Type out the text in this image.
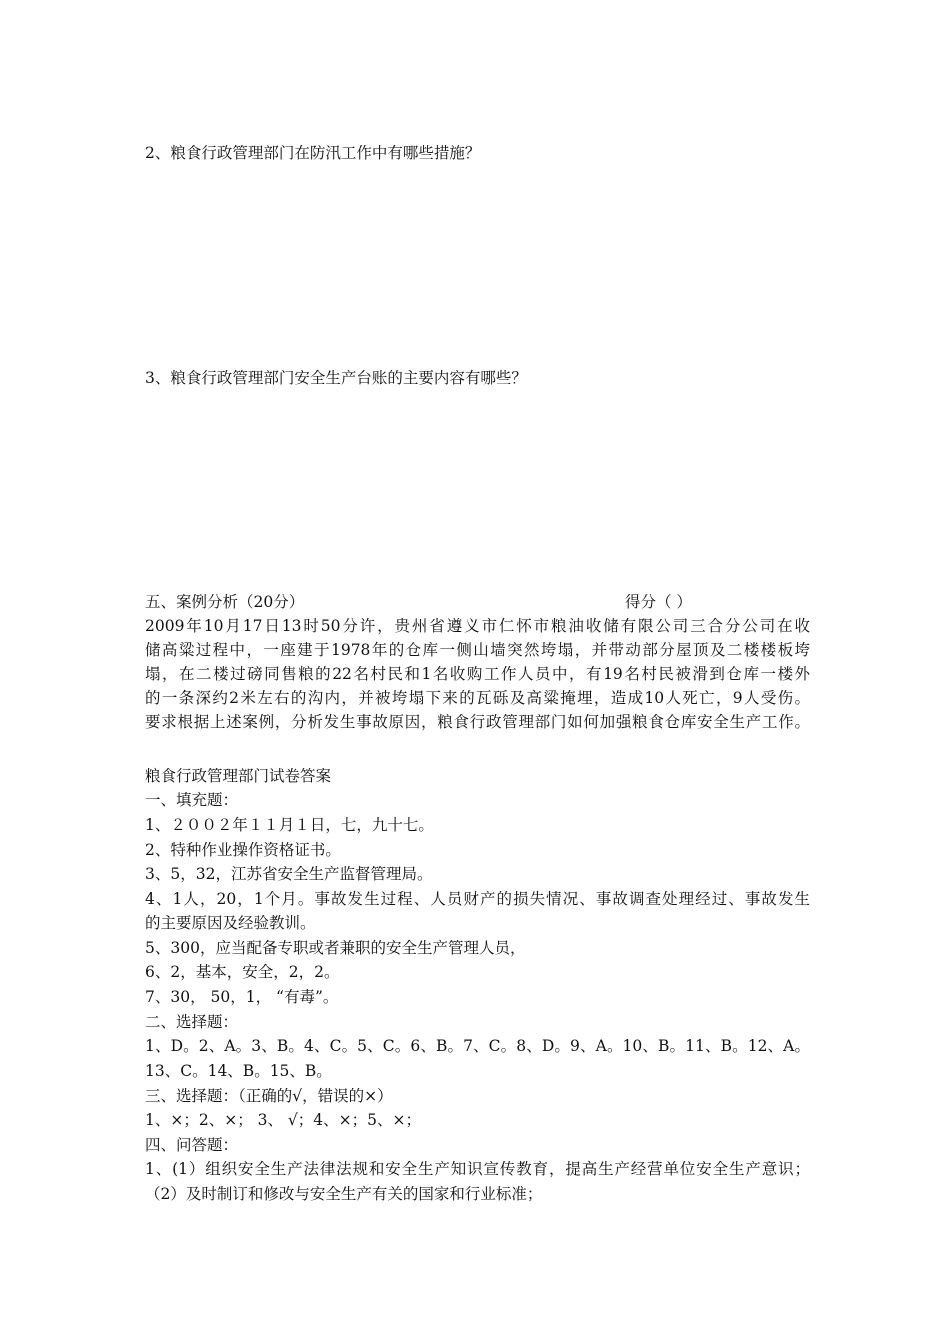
2、粮食行政管理部门在防汛工作中有哪些措施？
3、粮食行政管理部门安全生产台账的主要内容有哪些？
五、案例分析（20分）	得分（ ）
2009年10月17日13时50分许，贵州省遵义市仁怀市粮油收储有限公司三合分公司在收
储高粱过程中，一座建于1978年的仓库一侧山墙突然垮塌，并带动部分屋顶及二楼楼板垮
塌，在二楼过磅同售粮的22名村民和1名收购工作人员中，有19名村民被滑到仓库一楼外
的一条深约2米左右的沟内，并被垮塌下来的瓦砾及高粱掩埋，造成10人死亡，9人受伤。
要求根据上述案例，分析发生事故原因，粮食行政管理部门如何加强粮食仓库安全生产工作。
粮食行政管理部门试卷答案
一、填充题：
1、２００２年１１月１日，七，九十七。
2、特种作业操作资格证书。
3、5，32，江苏省安全生产监督管理局。
4、1人，20，1个月。事故发生过程、人员财产的损失情况、事故调查处理经过、事故发生
的主要原因及经验教训。
5、300，应当配备专职或者兼职的安全生产管理人员，
6、2，基本，安全，2，2。
7、30， 50，1， “有毒”。
二、选择题：
1、D。2、A。3、B。4、C。5、C。6、B。7、C。8、D。9、A。10、B。11、B。12、A。
13、C。14、B。15、B。
三、选择题：（正确的√，错误的×）
1、×；2、×； 3、 √；4、×；5、×；
四、问答题：
1、(1）组织安全生产法律法规和安全生产知识宣传教育，提高生产经营单位安全生产意识；
（2）及时制订和修改与安全生产有关的国家和行业标准；
